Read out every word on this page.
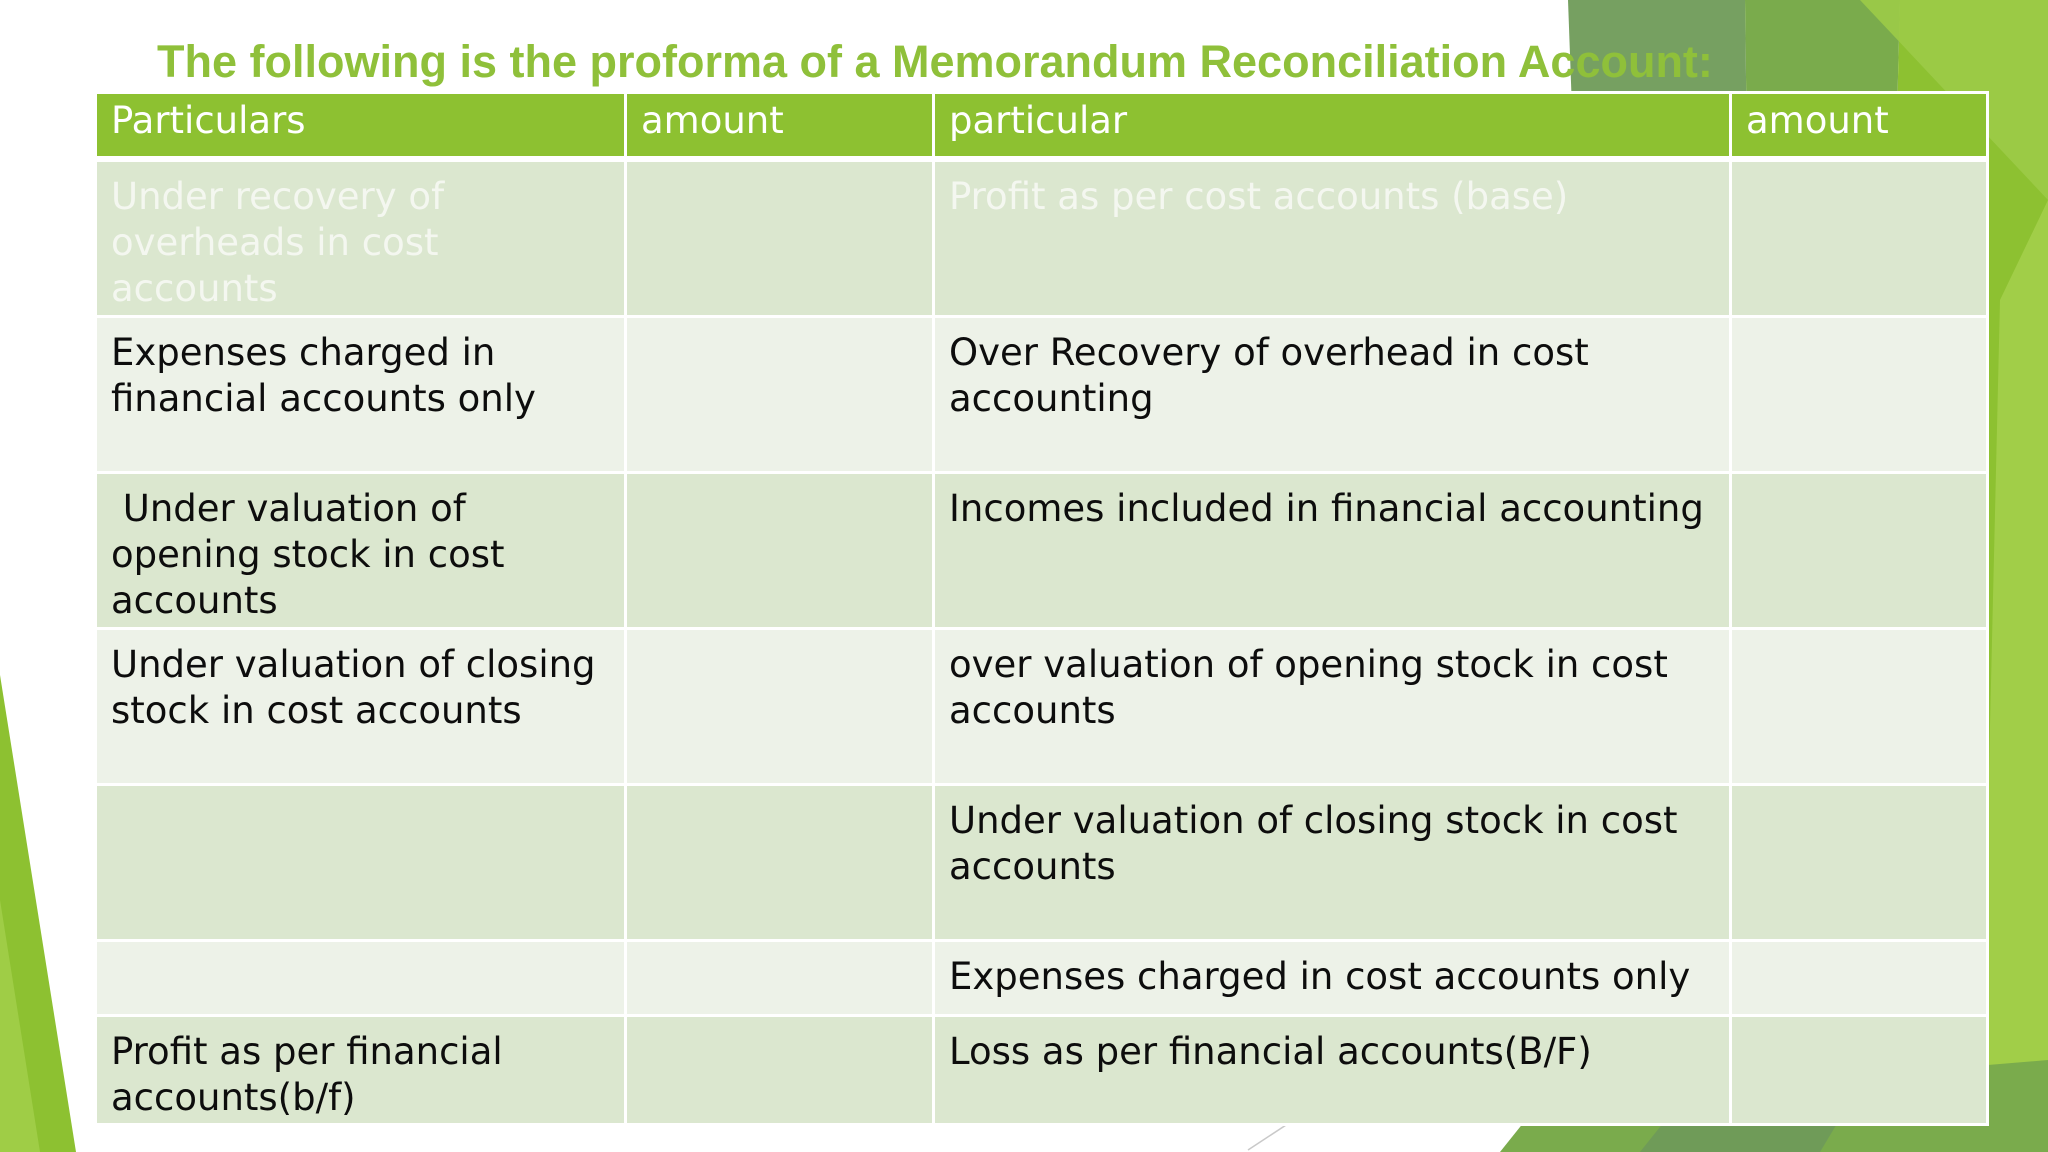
The following is the proforma of a Memorandum Reconciliation Account:
Particulars	amount	particular	amount
Under recovery of overheads in cost accounts		Profit as per cost accounts (base)	
Expenses charged in financial accounts only		Over Recovery of overhead in cost accounting	
Under valuation of opening stock in cost accounts		Incomes included in financial accounting	
Under valuation of closing stock in cost accounts		over valuation of opening stock in cost accounts	
		Under valuation of closing stock in cost accounts	
		Expenses charged in cost accounts only	
Profit as per financial accounts(b/f)		Loss as per financial accounts(B/F)	
